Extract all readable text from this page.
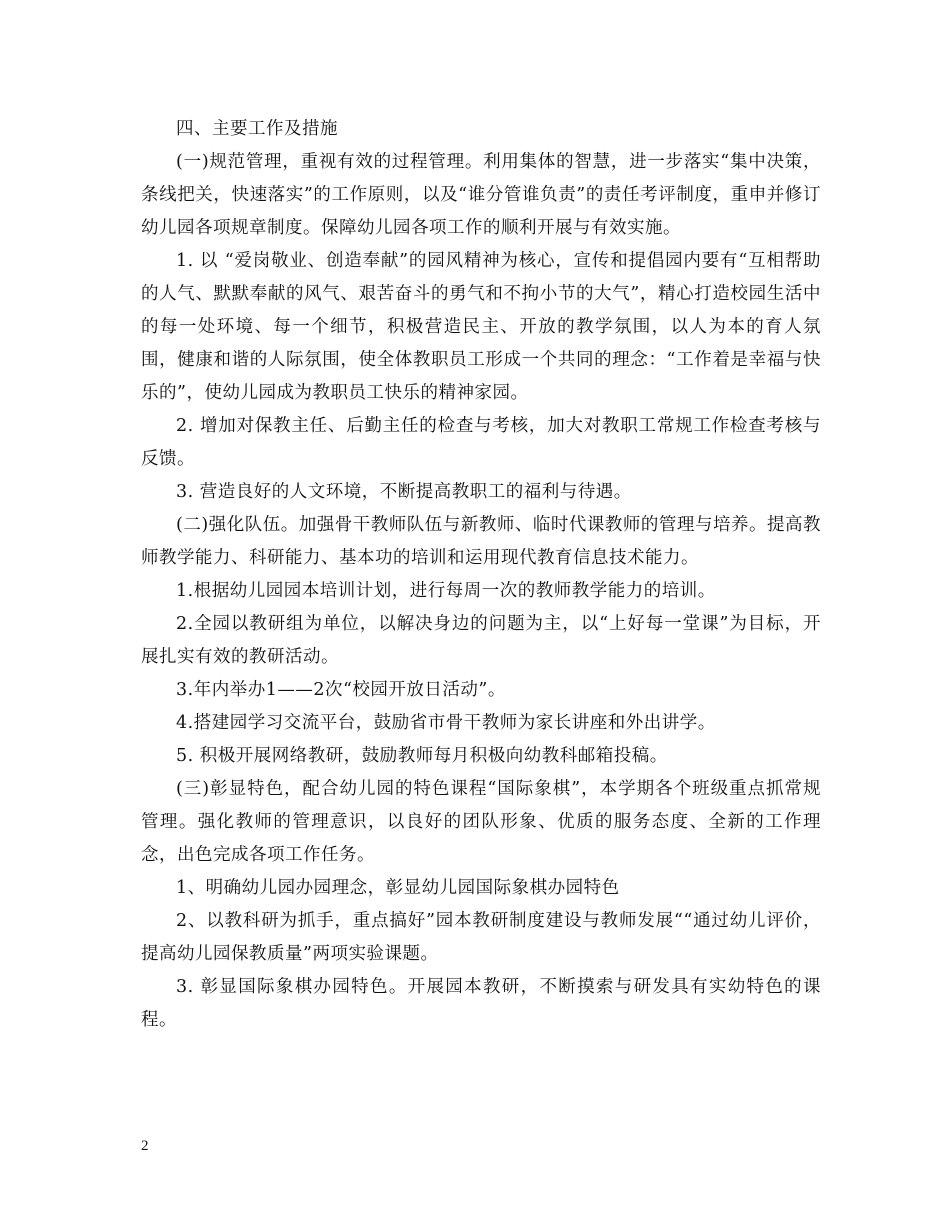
四、主要工作及措施

(一)规范管理，重视有效的过程管理。利用集体的智慧，进一步落实“集中决策，条线把关，快速落实”的工作原则，以及“谁分管谁负责”的责任考评制度，重申并修订幼儿园各项规章制度。保障幼儿园各项工作的顺利开展与有效实施。

1. 以 “爱岗敬业、创造奉献”的园风精神为核心，宣传和提倡园内要有“互相帮助的人气、默默奉献的风气、艰苦奋斗的勇气和不拘小节的大气”，精心打造校园生活中的每一处环境、每一个细节，积极营造民主、开放的教学氛围，以人为本的育人氛围，健康和谐的人际氛围，使全体教职员工形成一个共同的理念：“工作着是幸福与快乐的”，使幼儿园成为教职员工快乐的精神家园。

2. 增加对保教主任、后勤主任的检查与考核，加大对教职工常规工作检查考核与反馈。

3. 营造良好的人文环境，不断提高教职工的福利与待遇。

(二)强化队伍。加强骨干教师队伍与新教师、临时代课教师的管理与培养。提高教师教学能力、科研能力、基本功的培训和运用现代教育信息技术能力。

1.根据幼儿园园本培训计划，进行每周一次的教师教学能力的培训。

2.全园以教研组为单位，以解决身边的问题为主，以“上好每一堂课”为目标，开展扎实有效的教研活动。

3.年内举办1——2次“校园开放日活动”。

4.搭建园学习交流平台，鼓励省市骨干教师为家长讲座和外出讲学。

5. 积极开展网络教研，鼓励教师每月积极向幼教科邮箱投稿。

(三)彰显特色，配合幼儿园的特色课程“国际象棋”，本学期各个班级重点抓常规管理。强化教师的管理意识，以良好的团队形象、优质的服务态度、全新的工作理念，出色完成各项工作任务。

1、明确幼儿园办园理念，彰显幼儿园国际象棋办园特色

2、以教科研为抓手，重点搞好”园本教研制度建设与教师发展““通过幼儿评价，提高幼儿园保教质量”两项实验课题。

3. 彰显国际象棋办园特色。开展园本教研，不断摸索与研发具有实幼特色的课程。

2
